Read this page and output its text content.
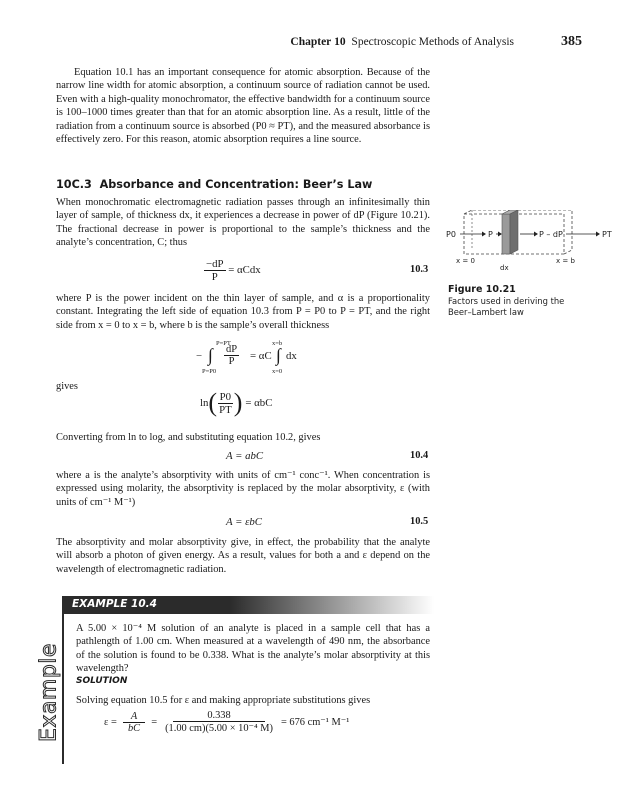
Chapter 10 Spectroscopic Methods of Analysis	385
Equation 10.1 has an important consequence for atomic absorption. Because of the narrow line width for atomic absorption, a continuum source of radiation cannot be used. Even with a high-quality monochromator, the effective bandwidth for a continuum source is 100–1000 times greater than that for an atomic absorption line. As a result, little of the radiation from a continuum source is absorbed (P0 ≈ PT), and the measured absorbance is effectively zero. For this reason, atomic absorption requires a line source.
10C.3 Absorbance and Concentration: Beer’s Law
When monochromatic electromagnetic radiation passes through an infinitesimally thin layer of sample, of thickness dx, it experiences a decrease in power of dP (Figure 10.21). The fractional decrease in power is proportional to the sample’s thickness and the analyte’s concentration, C; thus
$\frac{-dP}{P} = \alpha Cdx$	10.3
where P is the power incident on the thin layer of sample, and α is a proportionality constant. Integrating the left side of equation 10.3 from P = P0 to P = PT, and the right side from x = 0 to x = b, where b is the sample’s overall thickness
P=PT
− ∫ $\frac{dP}{P}$
P=P0
= αC
x=b
∫ dx
x=0
gives
ln ( $\frac{P0}{PT}$ ) = αbC
Converting from ln to log, and substituting equation 10.2, gives
A = abC	10.4
where a is the analyte’s absorptivity with units of cm⁻¹ conc⁻¹. When concentration is expressed using molarity, the absorptivity is replaced by the molar absorptivity, ε (with units of cm⁻¹ M⁻¹)
A = εbC	10.5
The absorptivity and molar absorptivity give, in effect, the probability that the analyte will absorb a photon of given energy. As a result, values for both a and ε depend on the wavelength of electromagnetic radiation.
P0	P	P – dP	PT
x = 0
dx
x = b
Figure 10.21
Factors used in deriving the Beer–Lambert law
Example
EXAMPLE 10.4
A 5.00 × 10⁻⁴ M solution of an analyte is placed in a sample cell that has a pathlength of 1.00 cm. When measured at a wavelength of 490 nm, the absorbance of the solution is found to be 0.338. What is the analyte’s molar absorptivity at this wavelength?
SOLUTION
Solving equation 10.5 for ε and making appropriate substitutions gives
$\varepsilon = \frac{A}{bC} = \frac{0.338}{\text{(1.00 cm)(5.00 × 10⁻⁴ M)}} = 676$ cm⁻¹ M⁻¹
